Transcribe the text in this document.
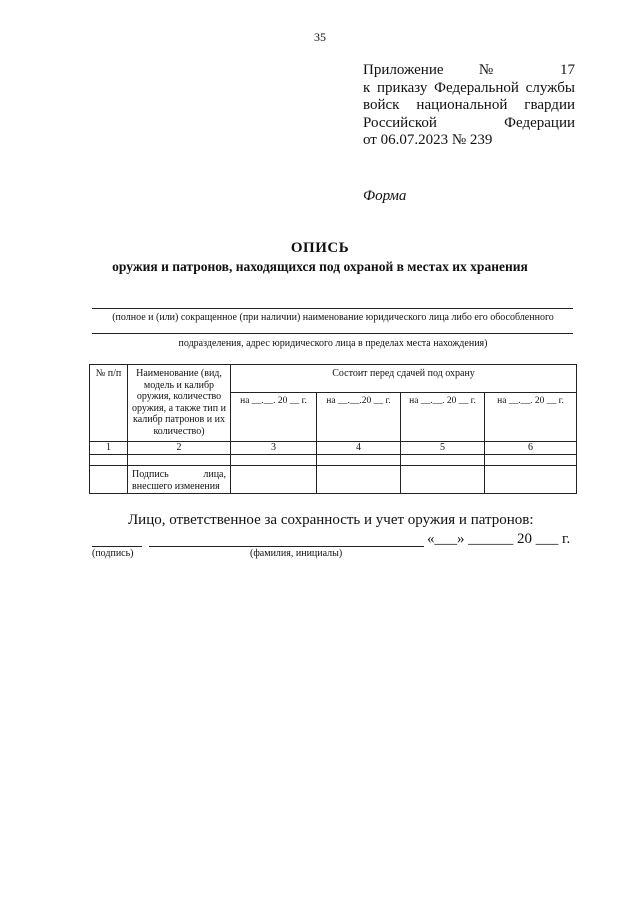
35
Приложение № 17
к приказу Федеральной службы
войск национальной гвардии
Российской Федерации
от 06.07.2023 № 239
Форма
ОПИСЬ
оружия и патронов, находящихся под охраной в местах их хранения
(полное и (или) сокращенное (при наличии) наименование юридического лица либо его обособленного
подразделения, адрес юридического лица в пределах места нахождения)
№ п/п	Наименование (вид, модель и калибр оружия, количество оружия, а также тип и калибр патронов и их количество)	Состоит перед сдачей под охрану			
		на __.__. 20 __ г.	на __.__.20 __ г.	на __.__. 20 __ г.	на __.__. 20 __ г.
1	2	3	4	5	6

	Подпись лица,
внесшего изменения				

Лицо, ответственное за сохранность и учет оружия и патронов:
«___» ______ 20 ___ г.
(подпись)	(фамилия, инициалы)
